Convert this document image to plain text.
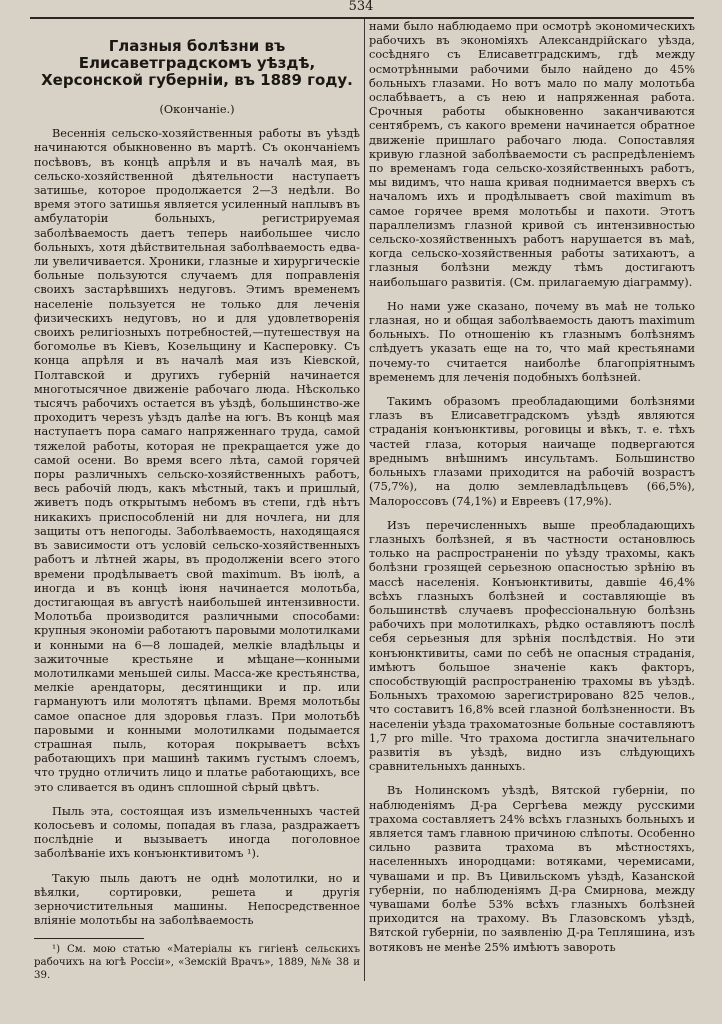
534
Глазныя болѣзни въ Елисаветградскомъ уѣздѣ, Херсонской губерніи, въ 1889 году.
(Окончаніе.)

Весеннія сельско-хозяйственныя работы въ уѣздѣ начинаются обыкновенно въ мартѣ. Съ окончаніемъ посѣвовъ, въ концѣ апрѣля и въ началѣ мая, въ сельско-хозяйственной дѣятельности наступаетъ затишье, которое продолжается 2—3 недѣли. Во время этого затишья является усиленный наплывъ въ амбулаторіи больныхъ, регистрируемая заболѣваемость даетъ теперь наибольшее число больныхъ, хотя дѣйствительная заболѣваемость едва-ли увеличивается. Хроники, глазные и хирургическіе больные пользуются случаемъ для поправленія своихъ застарѣвшихъ недуговъ. Этимъ временемъ населеніе пользуется не только для леченія физическихъ недуговъ, но и для удовлетворенія своихъ религіозныхъ потребностей,—путешествуя на богомолье въ Кіевъ, Козельщину и Касперовку. Съ конца апрѣля и въ началѣ мая изъ Кіевской, Полтавской и другихъ губерній начинается многотысячное движеніе рабочаго люда. Нѣсколько тысячъ рабочихъ остается въ уѣздѣ, большинство-же проходитъ черезъ уѣздъ далѣе на югъ. Въ концѣ мая наступаетъ пора самаго напряженнаго труда, самой тяжелой работы, которая не прекращается уже до самой осени. Во время всего лѣта, самой горячей поры различныхъ сельско-хозяйственныхъ работъ, весь рабочій людъ, какъ мѣстный, такъ и пришлый, живетъ подъ открытымъ небомъ въ степи, гдѣ нѣтъ никакихъ приспособленій ни для ночлега, ни для защиты отъ непогоды. Заболѣваемость, находящаяся въ зависимости отъ условій сельско-хозяйственныхъ работъ и лѣтней жары, въ продолженіи всего этого времени продѣлываетъ свой maximum. Въ іюлѣ, а иногда и въ концѣ іюня начинается молотьба, достигающая въ августѣ наибольшей интензивности. Молотьба производится различными способами: крупныя экономіи работаютъ паровыми молотилками и конными на 6—8 лошадей, мелкіе владѣльцы и зажиточные крестьяне и мѣщане—конными молотилками меньшей силы. Масса-же крестьянства, мелкіе арендаторы, десятинщики и пр. или гармануютъ или молотятъ цѣпами. Время молотьбы самое опасное для здоровья глазъ. При молотьбѣ паровыми и конными молотилками подымается страшная пыль, которая покрываетъ всѣхъ работающихъ при машинѣ такимъ густымъ слоемъ, что трудно отличить лицо и платье работающихъ, все это сливается въ одинъ сплошной сѣрый цвѣтъ.

Пыль эта, состоящая изъ измельченныхъ частей колосьевъ и соломы, попадая въ глаза, раздражаетъ послѣдніе и вызываетъ иногда поголовное заболѣваніе ихъ конъюнктивитомъ ¹).

Такую пыль даютъ не однѣ молотилки, но и вѣялки, сортировки, решета и другія зерночистительныя машины. Непосредственное вліяніе молотьбы на заболѣваемость

¹) См. мою статью «Матеріалы къ гигіенѣ сельскихъ рабочихъ на югѣ Россіи», «Земскій Врачъ», 1889, №№ 38 и 39.

нами было наблюдаемо при осмотрѣ экономическихъ рабочихъ въ экономіяхъ Александрійскаго уѣзда, сосѣдняго съ Елисаветградскимъ, гдѣ между осмотрѣнными рабочими было найдено до 45% больныхъ глазами. Но вотъ мало по малу молотьба ослабѣваетъ, а съ нею и напряженная работа. Срочныя работы обыкновенно заканчиваются сентябремъ, съ какого времени начинается обратное движеніе пришлаго рабочаго люда. Сопоставляя кривую глазной заболѣваемости съ распредѣленіемъ по временамъ года сельско-хозяйственныхъ работъ, мы видимъ, что наша кривая поднимается вверхъ съ началомъ ихъ и продѣлываетъ свой maximum въ самое горячее время молотьбы и пахоти. Этотъ параллелизмъ глазной кривой съ интензивностью сельско-хозяйственныхъ работъ нарушается въ маѣ, когда сельско-хозяйственныя работы затихаютъ, а глазныя болѣзни между тѣмъ достигаютъ наибольшаго развитія. (См. прилагаемую діаграмму).

Но нами уже сказано, почему въ маѣ не только глазная, но и общая заболѣваемость даютъ maximum больныхъ. По отношенію къ глазнымъ болѣзнямъ слѣдуетъ указать еще на то, что май крестьянами почему-то считается наиболѣе благопріятнымъ временемъ для леченія подобныхъ болѣзней.

Такимъ образомъ преобладающими болѣзнями глазъ въ Елисаветградскомъ уѣздѣ являются страданія конъюнктивы, роговицы и вѣкъ, т. е. тѣхъ частей глаза, которыя наичаще подвергаются вреднымъ внѣшнимъ инсультамъ. Большинство больныхъ глазами приходится на рабочій возрастъ (75,7%), на долю землевладѣльцевъ (66,5%), Малороссовъ (74,1%) и Евреевъ (17,9%).

Изъ перечисленныхъ выше преобладающихъ глазныхъ болѣзней, я въ частности остановлюсь только на распространеніи по уѣзду трахомы, какъ болѣзни грозящей серьезною опасностью зрѣнію въ массѣ населенія. Конъюнктивиты, давшіе 46,4% всѣхъ глазныхъ болѣзней и составляющіе въ большинствѣ случаевъ профессіональную болѣзнь рабочихъ при молотилкахъ, рѣдко оставляютъ послѣ себя серьезныя для зрѣнія послѣдствія. Но эти конъюнктивиты, сами по себѣ не опасныя страданія, имѣютъ большое значеніе какъ факторъ, способствующій распространенію трахомы въ уѣздѣ. Больныхъ трахомою зарегистрировано 825 челов., что составитъ 16,8% всей глазной болѣзненности. Въ населеніи уѣзда трахоматозные больные составляютъ 1,7 pro mille. Что трахома достигла значительнаго развитія въ уѣздѣ, видно изъ слѣдующихъ сравнительныхъ данныхъ.

Въ Нолинскомъ уѣздѣ, Вятской губерніи, по наблюденіямъ Д-ра Сергѣева между русскими трахома составляетъ 24% всѣхъ глазныхъ больныхъ и является тамъ главною причиною слѣпоты. Особенно сильно развита трахома въ мѣстностяхъ, населенныхъ инородцами: вотяками, черемисами, чувашами и пр. Въ Цивильскомъ уѣздѣ, Казанской губерніи, по наблюденіямъ Д-ра Смирнова, между чувашами болѣе 53% всѣхъ глазныхъ болѣзней приходится на трахому. Въ Глазовскомъ уѣздѣ, Вятской губерніи, по заявленію Д-ра Тепляшина, изъ вотяковъ не менѣе 25% имѣютъ завороть
